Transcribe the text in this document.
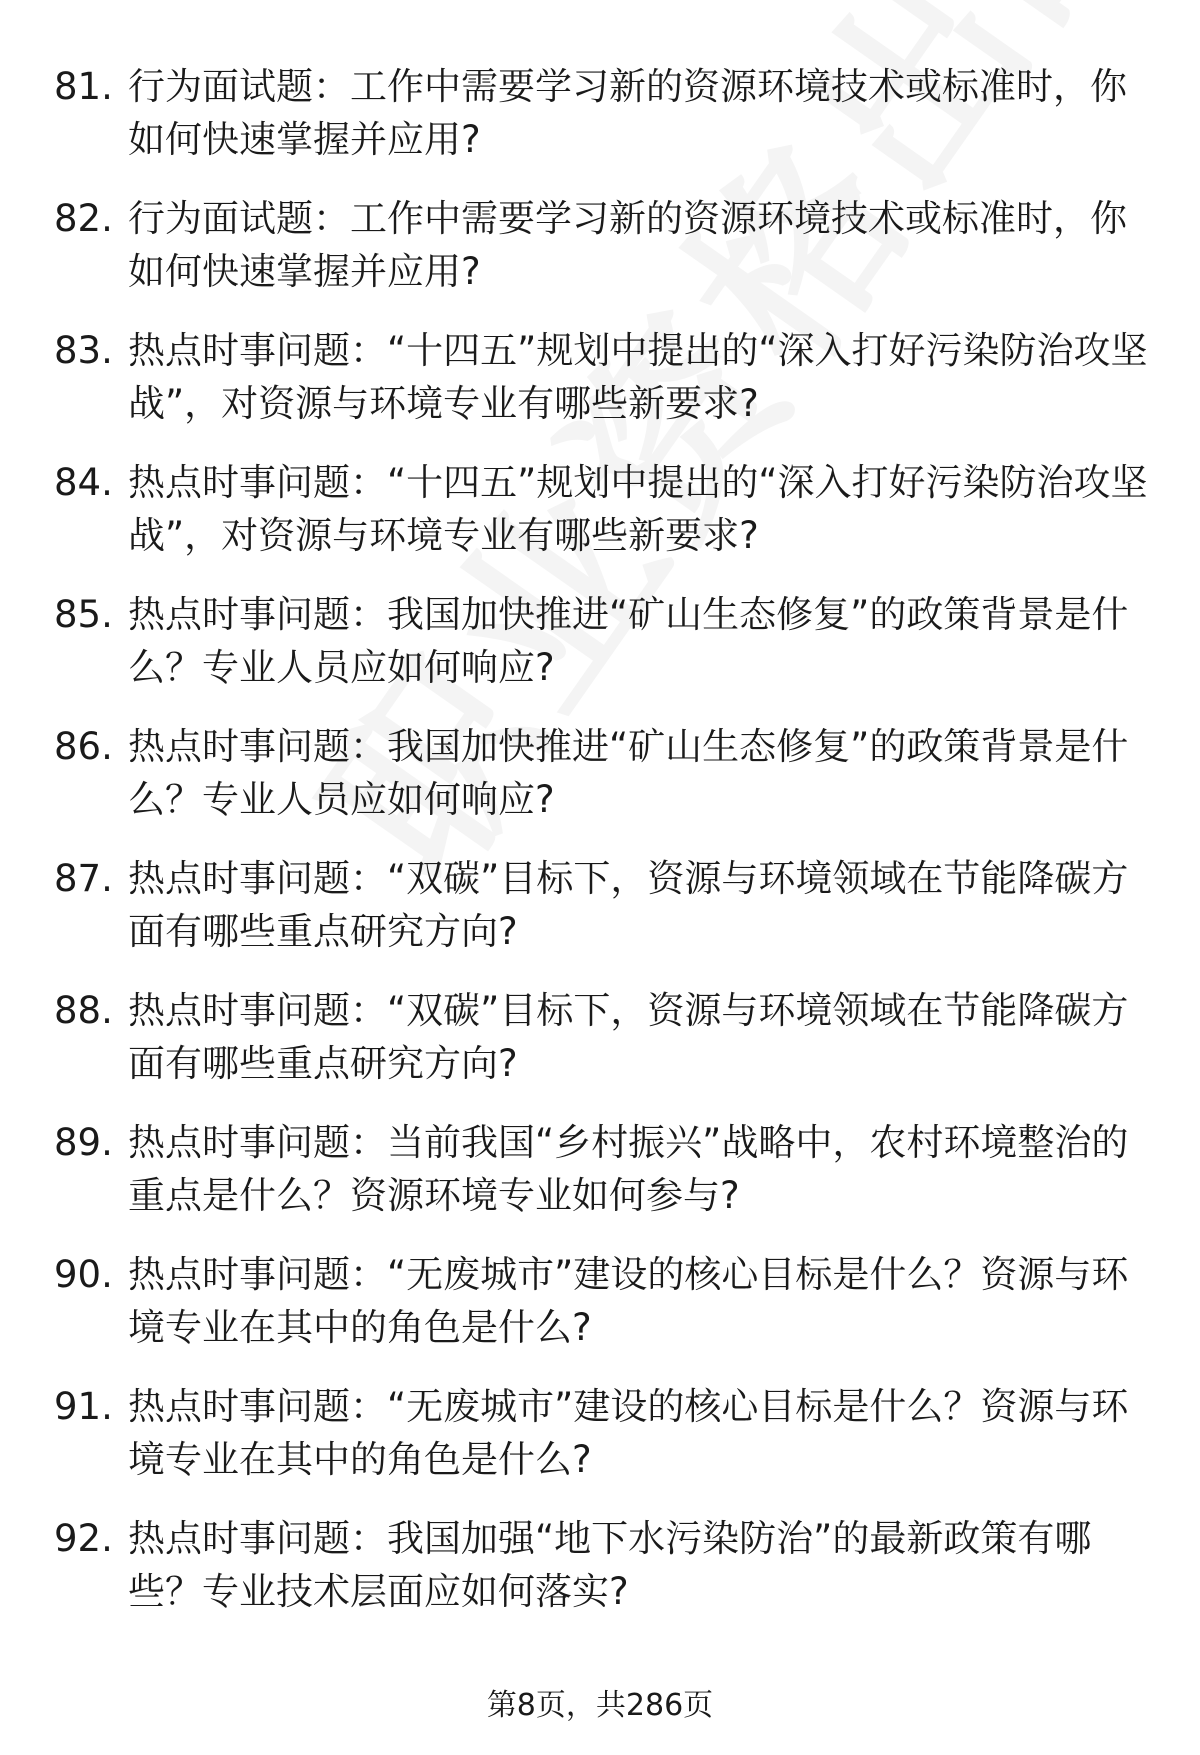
81. 行为面试题：工作中需要学习新的资源环境技术或标准时，你如何快速掌握并应用?
82. 行为面试题：工作中需要学习新的资源环境技术或标准时，你如何快速掌握并应用?
83. 热点时事问题：“十四五”规划中提出的“深入打好污染防治攻坚战”，对资源与环境专业有哪些新要求?
84. 热点时事问题：“十四五”规划中提出的“深入打好污染防治攻坚战”，对资源与环境专业有哪些新要求?
85. 热点时事问题：我国加快推进“矿山生态修复”的政策背景是什么？专业人员应如何响应?
86. 热点时事问题：我国加快推进“矿山生态修复”的政策背景是什么？专业人员应如何响应?
87. 热点时事问题：“双碳”目标下，资源与环境领域在节能降碳方面有哪些重点研究方向?
88. 热点时事问题：“双碳”目标下，资源与环境领域在节能降碳方面有哪些重点研究方向?
89. 热点时事问题：当前我国“乡村振兴”战略中，农村环境整治的重点是什么？资源环境专业如何参与?
90. 热点时事问题：“无废城市”建设的核心目标是什么？资源与环境专业在其中的角色是什么?
91. 热点时事问题：“无废城市”建设的核心目标是什么？资源与环境专业在其中的角色是什么?
92. 热点时事问题：我国加强“地下水污染防治”的最新政策有哪些？专业技术层面应如何落实?
第8页，共286页
